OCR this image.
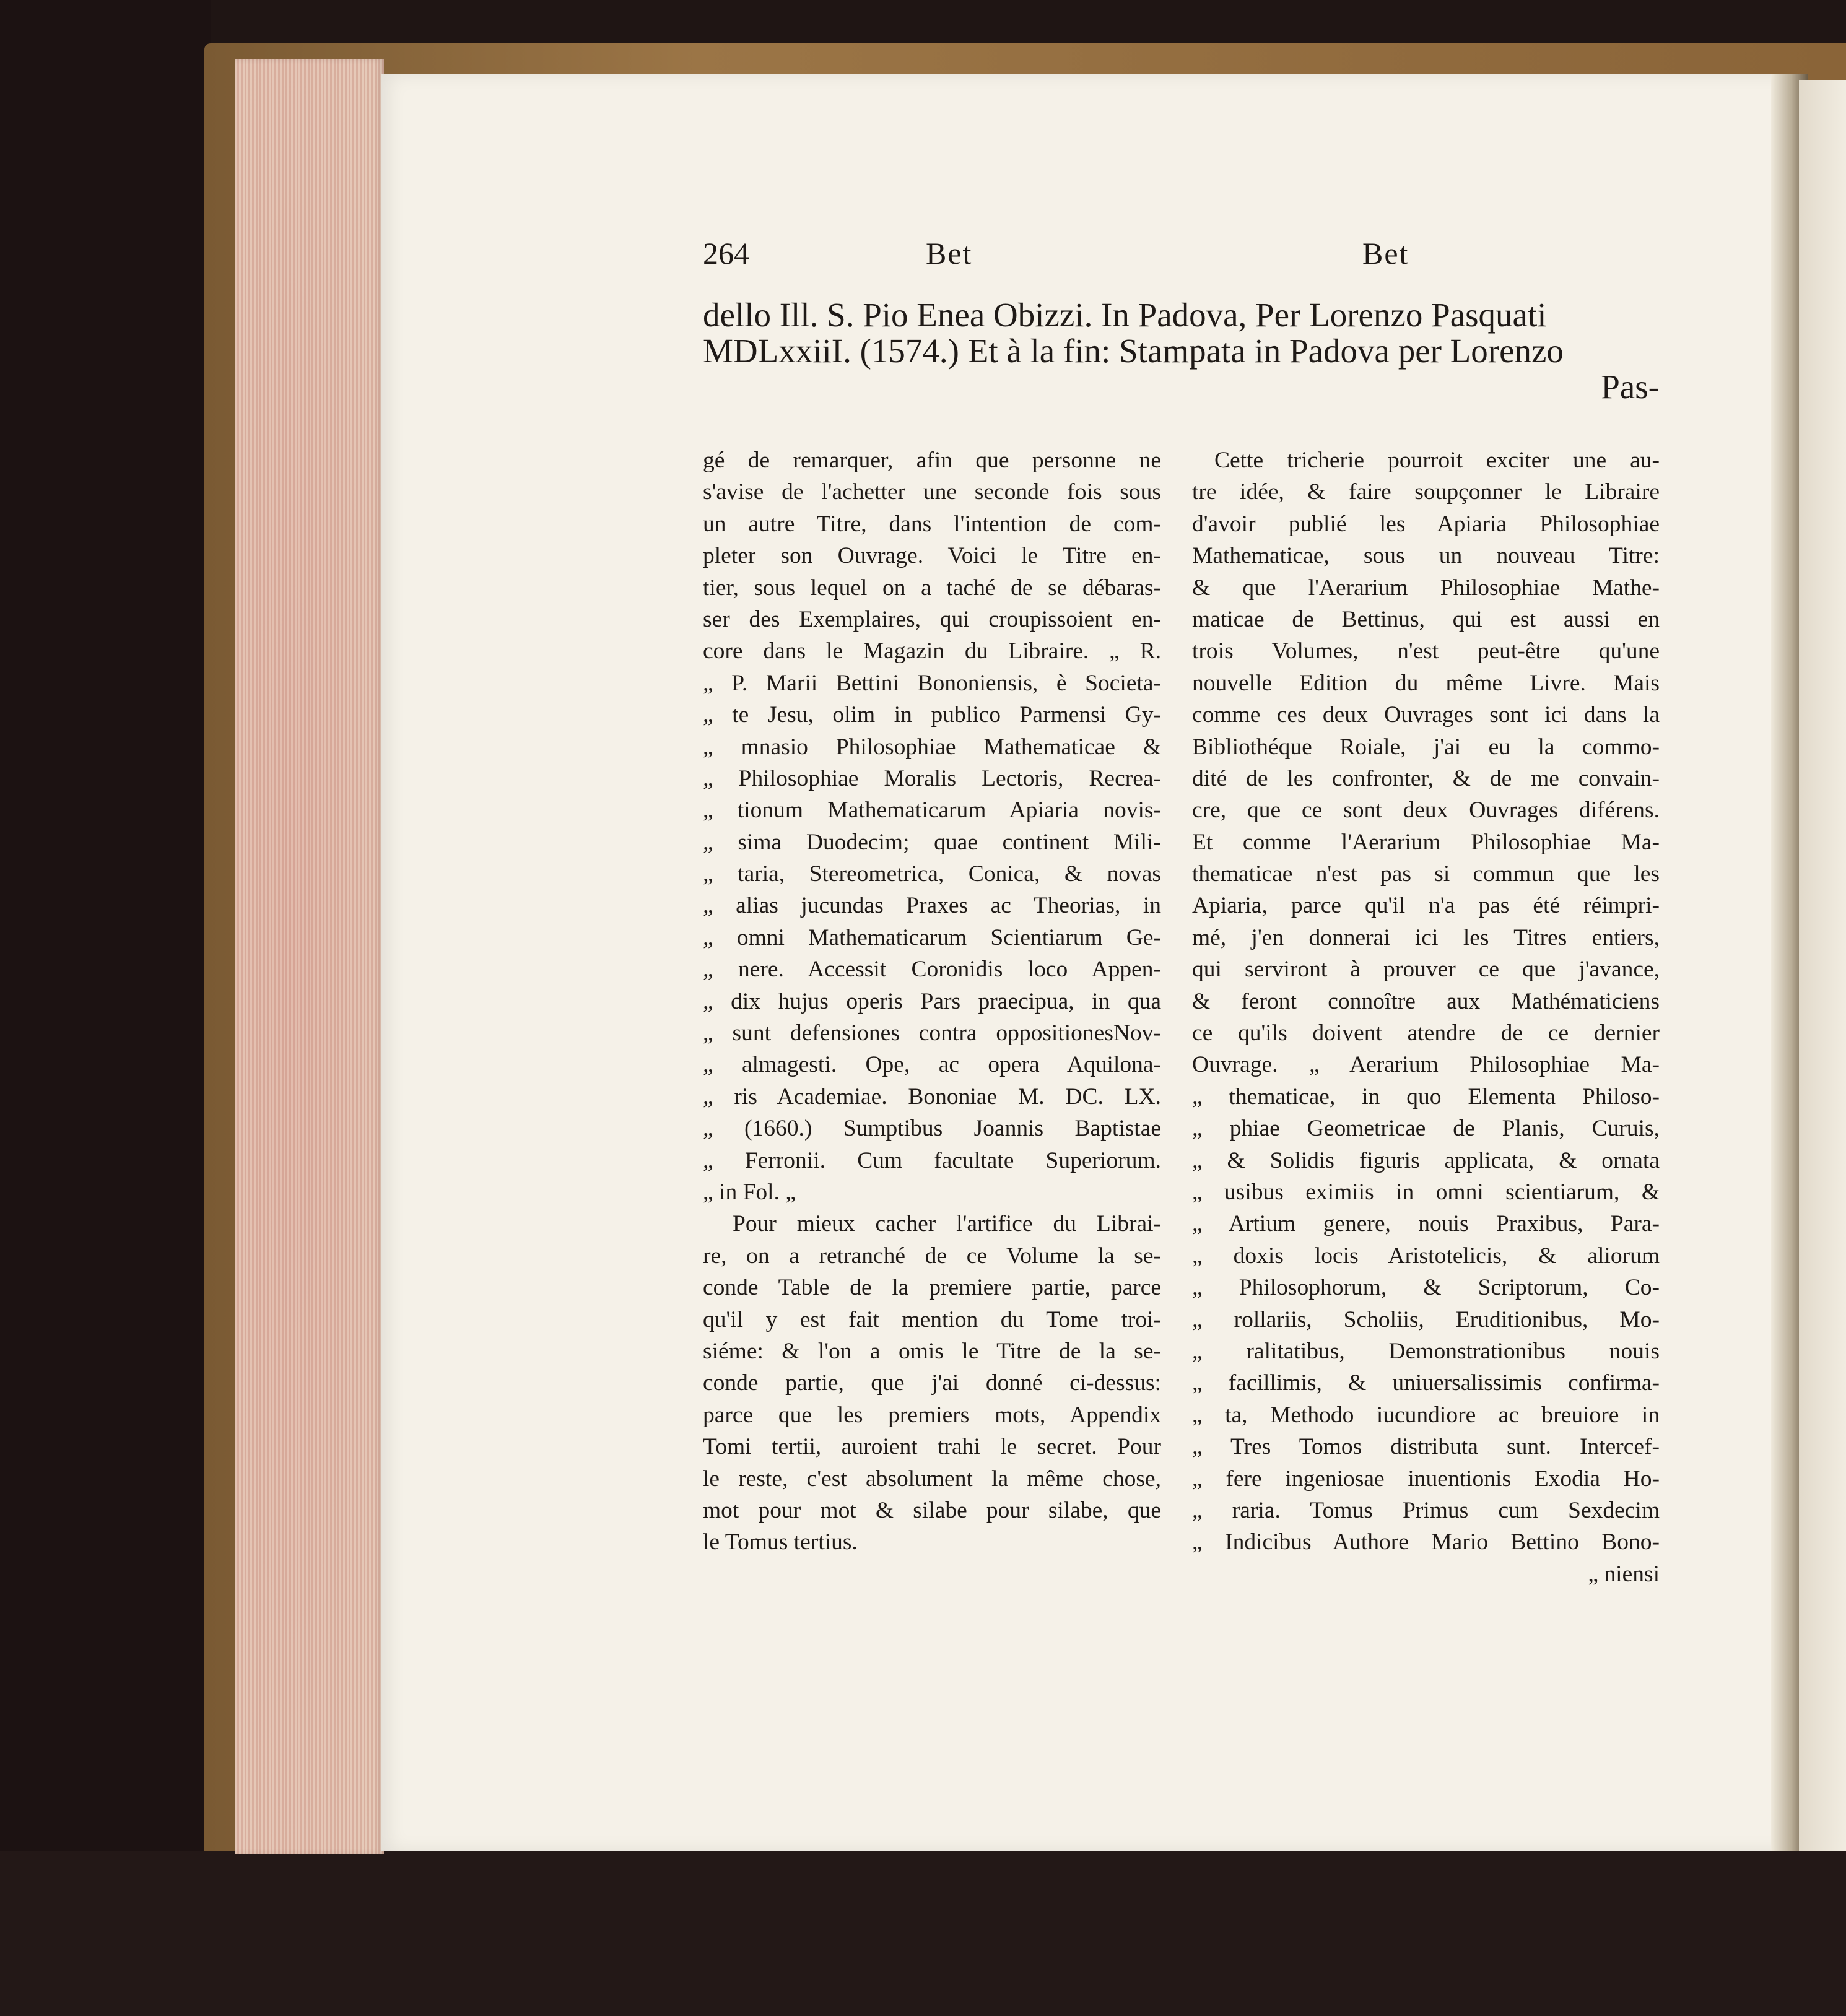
264	Bet	Bet
dello Ill. S. Pio Enea Obizzi. In Padova, Per Lorenzo Pasquati
MDLxxiiI. (1574.) Et à la fin: Stampata in Padova per Lorenzo
Pas-
gé de remarquer, afin que personne ne
s'avise de l'achetter une seconde fois sous
un autre Titre, dans l'intention de com-
pleter son Ouvrage. Voici le Titre en-
tier, sous lequel on a taché de se débaras-
ser des Exemplaires, qui croupissoient en-
core dans le Magazin du Libraire. „ R.
„ P. Marii Bettini Bononiensis, è Societa-
„ te Jesu, olim in publico Parmensi Gy-
„ mnasio Philosophiae Mathematicae &
„ Philosophiae Moralis Lectoris, Recrea-
„ tionum Mathematicarum Apiaria novis-
„ sima Duodecim; quae continent Mili-
„ taria, Stereometrica, Conica, & novas
„ alias jucundas Praxes ac Theorias, in
„ omni Mathematicarum Scientiarum Ge-
„ nere. Accessit Coronidis loco Appen-
„ dix hujus operis Pars praecipua, in qua
„ sunt defensiones contra oppositionesNov-
„ almagesti. Ope, ac opera Aquilona-
„ ris Academiae. Bononiae M. DC. LX.
„ (1660.) Sumptibus Joannis Baptistae
„ Ferronii. Cum facultate Superiorum.
„ in Fol. „
Pour mieux cacher l'artifice du Librai-
re, on a retranché de ce Volume la se-
conde Table de la premiere partie, parce
qu'il y est fait mention du Tome troi-
siéme: & l'on a omis le Titre de la se-
conde partie, que j'ai donné ci-dessus:
parce que les premiers mots, Appendix
Tomi tertii, auroient trahi le secret. Pour
le reste, c'est absolument la même chose,
mot pour mot & silabe pour silabe, que
le Tomus tertius.
Cette tricherie pourroit exciter une au-
tre idée, & faire soupçonner le Libraire
d'avoir publié les Apiaria Philosophiae
Mathematicae, sous un nouveau Titre:
& que l'Aerarium Philosophiae Mathe-
maticae de Bettinus, qui est aussi en
trois Volumes, n'est peut-être qu'une
nouvelle Edition du même Livre. Mais
comme ces deux Ouvrages sont ici dans la
Bibliothéque Roiale, j'ai eu la commo-
dité de les confronter, & de me convain-
cre, que ce sont deux Ouvrages diférens.
Et comme l'Aerarium Philosophiae Ma-
thematicae n'est pas si commun que les
Apiaria, parce qu'il n'a pas été réimpri-
mé, j'en donnerai ici les Titres entiers,
qui serviront à prouver ce que j'avance,
& feront connoître aux Mathématiciens
ce qu'ils doivent atendre de ce dernier
Ouvrage. „ Aerarium Philosophiae Ma-
„ thematicae, in quo Elementa Philoso-
„ phiae Geometricae de Planis, Curuis,
„ & Solidis figuris applicata, & ornata
„ usibus eximiis in omni scientiarum, &
„ Artium genere, nouis Praxibus, Para-
„ doxis locis Aristotelicis, & aliorum
„ Philosophorum, & Scriptorum, Co-
„ rollariis, Scholiis, Eruditionibus, Mo-
„ ralitatibus, Demonstrationibus nouis
„ facillimis, & uniuersalissimis confirma-
„ ta, Methodo iucundiore ac breuiore in
„ Tres Tomos distributa sunt. Intercef-
„ fere ingeniosae inuentionis Exodia Ho-
„ raria. Tomus Primus cum Sexdecim
„ Indicibus Authore Mario Bettino Bono-
„ niensi
